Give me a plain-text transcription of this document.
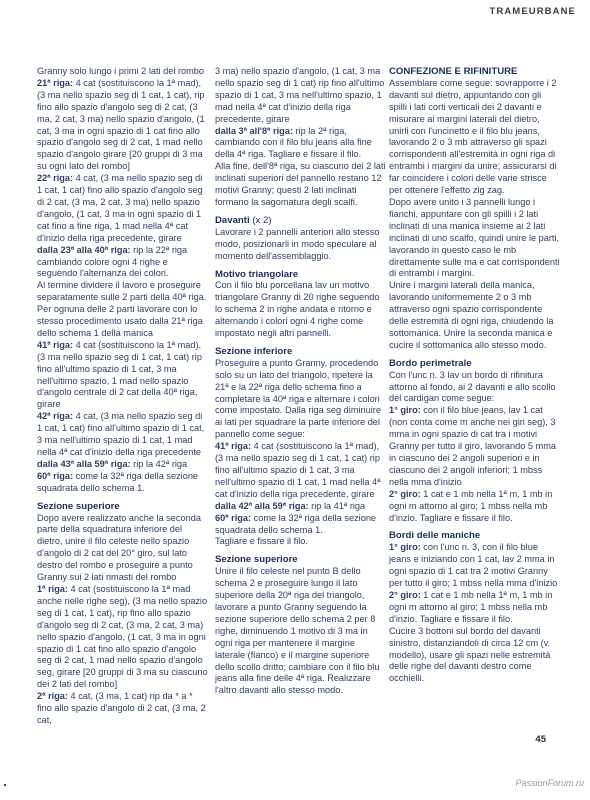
TRAMEURBANE

Granny solo lungo i primi 2 lati del rombo

21ª riga: 4 cat (sostituiscono la 1ª mad), (3 ma nello spazio seg di 1 cat, 1 cat), rip fino allo spazio d'angolo seg di 2 cat, (3 ma, 2 cat, 3 ma) nello spazio d'angolo, (1 cat, 3 ma in ogni spazio di 1 cat fino allo spazio d'angolo seg di 2 cat, 1 mad nello spazio d'angolo girare [20 gruppi di 3 ma su ogni lato del rombo]

22ª riga: 4 cat, (3 ma nello spazio seg di 1 cat, 1 cat) fino allo spazio d'angolo seg di 2 cat, (3 ma, 2 cat, 3 ma) nello spazio d'angolo, (1 cat, 3 ma in ogni spazio di 1 cat fino a fine riga, 1 mad nella 4ª cat d'inizio della riga precedente, girare

dalla 23ª alla 40ª riga: rip la 22ª riga cambiando colore ogni 4 righe e seguendo l'alternanza dei colori.

Al termine dividere il lavoro e proseguire separatamente sulle 2 parti della 40ª riga. Per ognuna delle 2 parti lavorare con lo stesso procedimento usato dalla 21ª riga dello schema 1 della manica

41ª riga: 4 cat (sostituiscono la 1ª mad), (3 ma nello spazio seg di 1 cat, 1 cat) rip fino all'ultimo spazio di 1 cat, 3 ma nell'ultimo spazio, 1 mad nello spazio d'angolo centrale di 2 cat della 40ª riga, girare

42ª riga: 4 cat, (3 ma nello spazio seg di 1 cat, 1 cat) fino all'ultimo spazio di 1 cat, 3 ma nell'ultimo spazio di 1 cat, 1 mad nella 4ª cat d'inizio della riga precedente

dalla 43ª alla 59ª riga: rip la 42ª riga

60ª riga: come la 32ª riga della sezione squadrata dello schema 1.

Sezione superiore

Dopo avere realizzato anche la seconda parte della squadratura inferiore del dietro, unire il filo celeste nello spazio d'angolo di 2 cat del 20° giro, sul lato destro del rombo e proseguire a punto Granny sui 2 lati rimasti del rombo

1ª riga: 4 cat (sostituiscono la 1ª mad anche nelle righe seg), (3 ma nello spazio seg di 1 cat, 1 cat), rip fino allo spazio d'angolo seg di 2 cat, (3 ma, 2 cat, 3 ma) nello spazio d'angolo, (1 cat, 3 ma in ogni spazio di 1 cat fino allo spazio d'angolo seg di 2 cat, 1 mad nello spazio d'angolo seg, girare [20 gruppi di 3 ma su ciascuno dei 2 lati del rombo]

2ª riga: 4 cat, (3 ma, 1 cat) rip da * a * fino allo spazio d'angolo di 2 cat, (3 ma, 2 cat,

3 ma) nello spazio d'angolo, (1 cat, 3 ma nello spazio seg di 1 cat) rip fino all'ultimo spazio di 1 cat, 3 ma nell'ultimo spazio, 1 mad nella 4ª cat d'inizio della riga precedente, girare

dalla 3ª all'8ª riga: rip la 2ª riga, cambiando con il filo blu jeans alla fine della 4ª riga. Tagliare e fissare il filo.

Alla fine, dell'8ª riga, su ciascuno dei 2 lati inclinati superiori del pannello restano 12 motivi Granny; questi 2 lati inclinati formano la sagomatura degli scalfi.

Davanti (x 2)

Lavorare i 2 pannelli anteriori allo stesso modo, posizionarli in modo speculare al momento dell'assemblaggio.

Motivo triangolare

Con il filo blu porcellana lav un motivo triangolare Granny di 20 righe seguendo lo schema 2 in righe andata e ritorno e alternando i colori ogni 4 righe come impostato negli altri pannelli.

Sezione inferiore

Proseguire a punto Granny, procedendo solo su un lato del triangolo, ripetere la 21ª e la 22ª riga dello schema fino a completare la 40ª riga e alternare i colori come impostato. Dalla riga seg diminuire ai lati per squadrare la parte inferiore del pannello come segue:

41ª riga: 4 cat (sostituiscono la 1ª mad), (3 ma nello spazio seg di 1 cat, 1 cat) rip fino all'ultimo spazio di 1 cat, 3 ma nell'ultimo spazio di 1 cat, 1 mad nella 4ª cat d'inizio della riga precedente, girare

dalla 42ª alla 59ª riga: rip la 41ª riga

60ª riga: come la 32ª riga della sezione squadrata dello schema 1.

Tagliare e fissare il filo.

Sezione superiore

Unire il filo celeste nel punto B dello schema 2 e proseguire lungo il lato superiore della 20ª riga del triangolo, lavorare a punto Granny seguendo la sezione superiore dello schema 2 per 8 righe, diminuendo 1 motivo di 3 ma in ogni riga per mantenere il margine laterale (fianco) e il margine superiore dello scollo dritto; cambiare con il filo blu jeans alla fine delle 4ª riga. Realizzare l'altro davanti allo stesso modo.

CONFEZIONE E RIFINITURE

Assemblare come segue: sovrapporre i 2 davanti sul dietro, appuntando con gli spilli i lati corti verticali dei 2 davanti e misurare ai margini laterali del dietro, unirli con l'uncinetto e il filo blu jeans, lavorando 2 o 3 mb attraverso gli spazi corrispondenti all'estremità in ogni riga di entrambi i margini da unire; assicurarsi di far coincidere i colori delle varie strisce per ottenere l'effetto zig zag.

Dopo avere unito i 3 pannelli lungo i fianchi, appuntare con gli spilli i 2 lati inclinati di una manica insieme ai 2 lati inclinati di uno scalfo, quindi unire le parti, lavorando in questo caso le mb direttamente sulle ma e cat corrispondenti di entrambi i margini.

Unire i margini laterali della manica, lavorando uniformemente 2 o 3 mb attraverso ogni spazio corrispondente delle estremità di ogni riga, chiudendo la sottomanica. Unire la seconda manica e cucire il sottomanica allo stesso modo.

Bordo perimetrale

Con l'unc n. 3 lav un bordo di rifinitura attorno al fondo, ai 2 davanti e allo scollo del cardigan come segue:

1° giro: con il filo blue jeans, lav 1 cat (non conta come m anche nei giri seg), 3 mma in ogni spazio di cat tra i motivi Granny per tutto il giro, lavorando 5 mma in ciascuno dei 2 angoli superiori e in ciascuno dei 2 angoli inferiori; 1 mbss nella mma d'inizio

2° giro: 1 cat e 1 mb nella 1ª m, 1 mb in ogni m attorno al giro; 1 mbss nella mb d'inzio. Tagliare e fissare il filo.

Bordi delle maniche

1° giro: con l'unc n. 3, con il filo blue jeans e iniziando con 1 cat, lav 2 mma in ogni spazio di 1 cat tra 2 motivi Granny per tutto il giro; 1 mbss nella mma d'inizio

2° giro: 1 cat e 1 mb nella 1ª m, 1 mb in ogni m attorno al giro; 1 mbss nella mb d'inzio. Tagliare e fissare il filo.

Cucire 3 bottoni sul bordo del davanti sinistro, distanziandoli di circa 12 cm (v. modello), usare gli spazi nelle estremità delle righe del davanti destro come occhielli.

45
PassionForum.ru
